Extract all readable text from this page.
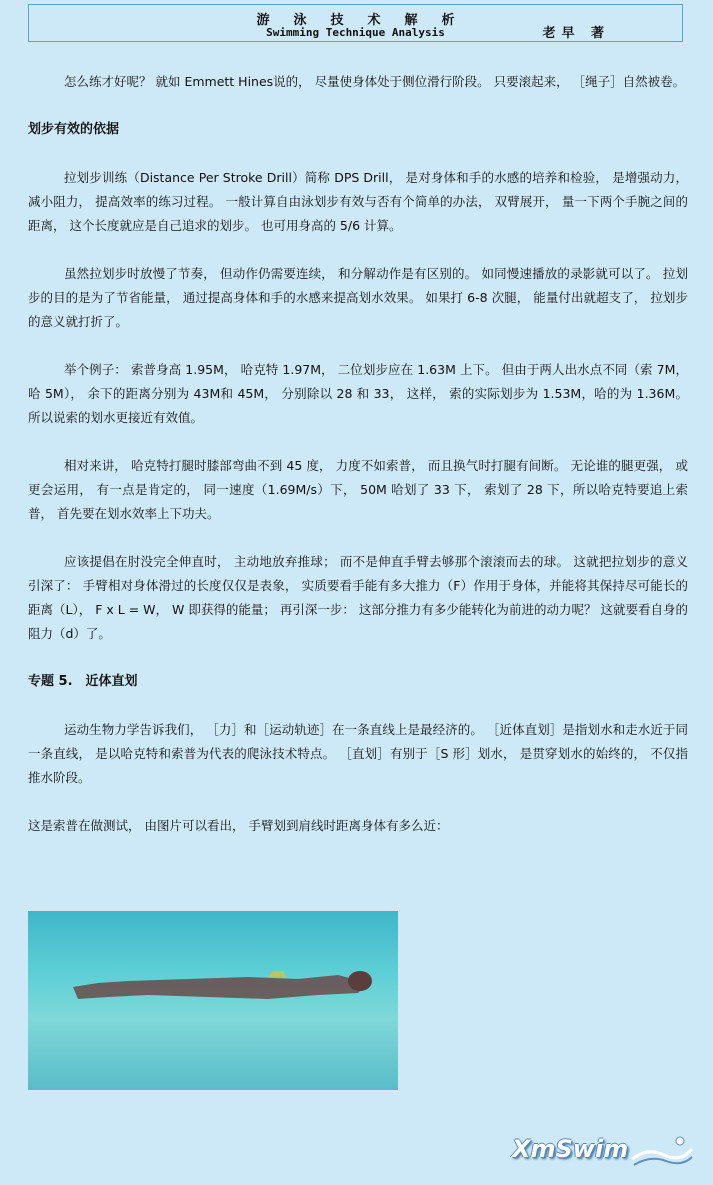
游泳技术解析
Swimming Technique Analysis	老早 著

怎么练才好呢？ 就如 Emmett Hines说的， 尽量使身体处于侧位滑行阶段。 只要滚起来， ［绳子］自然被卷。

划步有效的依据

拉划步训练（Distance Per Stroke Drill）简称 DPS Drill， 是对身体和手的水感的培养和检验， 是增强动力， 减小阻力， 提高效率的练习过程。 一般计算自由泳划步有效与否有个简单的办法， 双臂展开， 量一下两个手腕之间的距离， 这个长度就应是自己追求的划步。 也可用身高的 5/6 计算。

虽然拉划步时放慢了节奏， 但动作仍需要连续， 和分解动作是有区别的。 如同慢速播放的录影就可以了。 拉划步的目的是为了节省能量， 通过提高身体和手的水感来提高划水效果。 如果打 6-8 次腿， 能量付出就超支了， 拉划步的意义就打折了。

举个例子： 索普身高 1.95M， 哈克特 1.97M， 二位划步应在 1.63M 上下。 但由于两人出水点不同（索 7M， 哈 5M）， 余下的距离分别为 43M和 45M， 分别除以 28 和 33， 这样， 索的实际划步为 1.53M，哈的为 1.36M。 所以说索的划水更接近有效值。

相对来讲， 哈克特打腿时膝部弯曲不到 45 度， 力度不如索普， 而且换气时打腿有间断。 无论谁的腿更强， 或更会运用， 有一点是肯定的， 同一速度（1.69M/s）下， 50M 哈划了 33 下， 索划了 28 下，所以哈克特要追上索普， 首先要在划水效率上下功夫。

应该提倡在肘没完全伸直时， 主动地放弃推球； 而不是伸直手臂去够那个滚滚而去的球。 这就把拉划步的意义引深了： 手臂相对身体滑过的长度仅仅是表象， 实质要看手能有多大推力（F）作用于身体，并能将其保持尽可能长的距离（L）， F x L = W， W 即获得的能量； 再引深一步： 这部分推力有多少能转化为前进的动力呢？ 这就要看自身的阻力（d）了。

专题 5.　近体直划

运动生物力学告诉我们， ［力］和［运动轨迹］在一条直线上是最经济的。 ［近体直划］是指划水和走水近于同一条直线， 是以哈克特和索普为代表的爬泳技术特点。 ［直划］有别于［S 形］划水， 是贯穿划水的始终的， 不仅指推水阶段。

这是索普在做测试， 由图片可以看出， 手臂划到肩线时距离身体有多么近：

XmSwim
